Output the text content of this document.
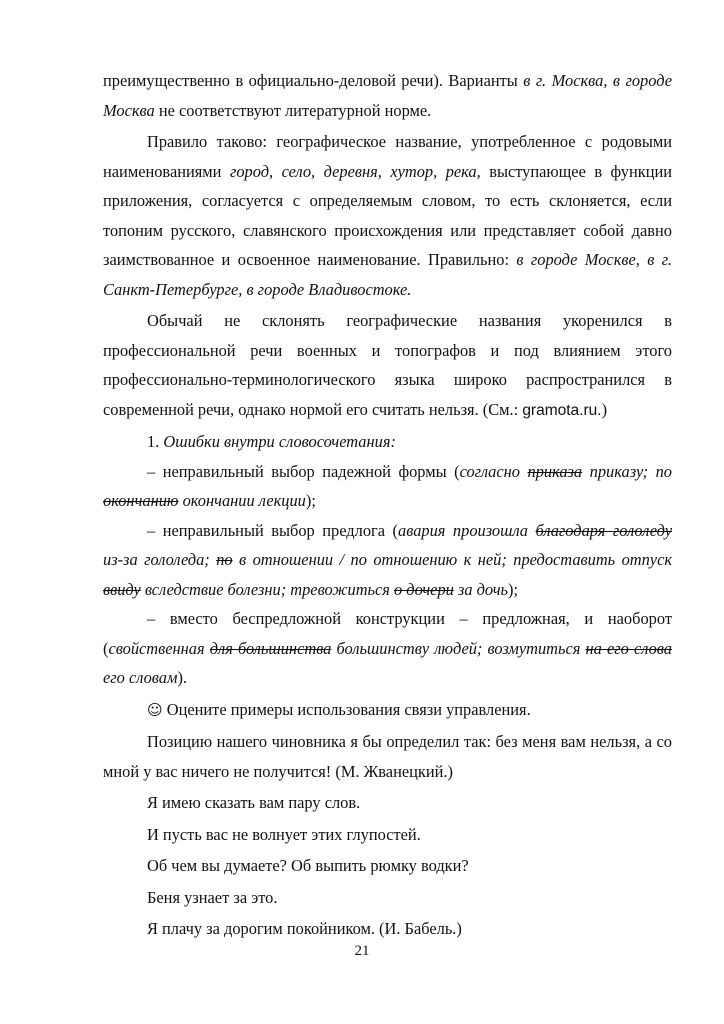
преимущественно в официально-деловой речи). Варианты в г. Москва, в городе Москва не соответствуют литературной норме.

Правило таково: географическое название, употребленное с родовыми наименованиями город, село, деревня, хутор, река, выступающее в функции приложения, согласуется с определяемым словом, то есть склоняется, если топоним русского, славянского происхождения или представляет собой давно заимствованное и освоенное наименование. Правильно: в городе Москве, в г. Санкт-Петербурге, в городе Владивостоке.

Обычай не склонять географические названия укоренился в профессиональной речи военных и топографов и под влиянием этого профессионально-терминологического языка широко распространился в современной речи, однако нормой его считать нельзя. (См.: gramota.ru.)

1. Ошибки внутри словосочетания:

– неправильный выбор падежной формы (согласно приказа приказу; по окончанию окончании лекции);

– неправильный выбор предлога (авария произошла благодаря гололеду из-за гололеда; по в отношении / по отношению к ней; предоставить отпуск ввиду вследствие болезни; тревожиться о дочери за дочь);

– вместо беспредложной конструкции – предложная, и наоборот (свойственная для большинства большинству людей; возмутиться на его слова его словам).

☺ Оцените примеры использования связи управления.

Позицию нашего чиновника я бы определил так: без меня вам нельзя, а со мной у вас ничего не получится! (М. Жванецкий.)

Я имею сказать вам пару слов.

И пусть вас не волнует этих глупостей.

Об чем вы думаете? Об выпить рюмку водки?

Беня узнает за это.

Я плачу за дорогим покойником. (И. Бабель.)

21
